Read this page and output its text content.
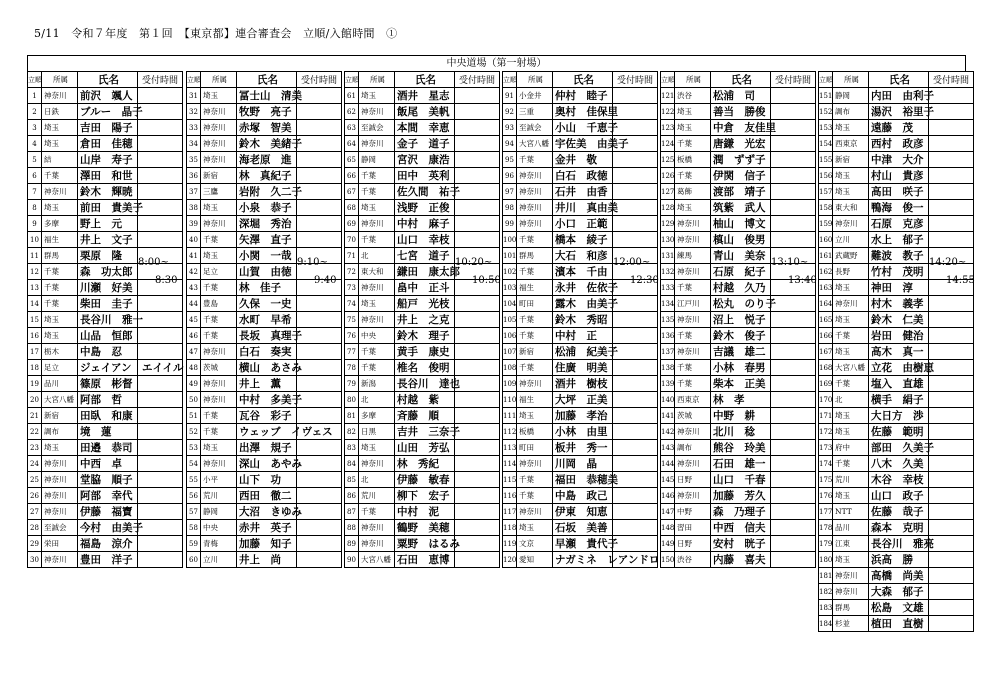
5/11　令和７年度　第１回　【東京都】連合審査会　立順/入館時間　①
中央道場（第一射場）
立順	所属	氏名	受付時間
1	神奈川	前沢　颯人	
2	日鉄	ブルー　晶子	
3	埼玉	吉田　陽子	
4	埼玉	倉田　佳穂	
5	結	山岸　寿子	
6	千葉	澤田　和世	
7	神奈川	鈴木　輝暁	
8	埼玉	前田　貴美子	
9	多摩	野上　元	
10	福生	井上　文子	
11	群馬	栗原　隆	
12	千葉	森　功太郎	
13	千葉	川瀬　好美	
14	千葉	柴田　圭子	
15	埼玉	長谷川　雅一	
16	埼玉	山品　恒郎	
17	栃木	中島　忍	
18	足立	ジェイアン　エイイル	
19	品川	篠原　彬督	
20	大宮八幡	阿部　哲	
21	新宿	田臥　和康	
22	調布	境　蓮	
23	埼玉	田邉　恭司	
24	神奈川	中西　卓	
25	神奈川	堂脇　順子	
26	神奈川	阿部　幸代	
27	神奈川	伊藤　福寶	
28	至誠会	今村　由美子	
29	栄田	福島　涼介	
30	神奈川	豊田　洋子	
8:00~
8:30
立順	所属	氏名	受付時間
31	埼玉	冨士山　清美	
32	神奈川	牧野　亮子	
33	神奈川	赤塚　智美	
34	神奈川	鈴木　美緒子	
35	神奈川	海老原　進	
36	新宿	林　真紀子	
37	三鷹	岩附　久二子	
38	埼玉	小泉　恭子	
39	神奈川	深堀　秀治	
40	千葉	矢澤　直子	
41	埼玉	小関　一哉	
42	足立	山賀　由徳	
43	千葉	林　佳子	
44	豊島	久保　一史	
45	千葉	水町　早希	
46	千葉	長坂　真理子	
47	神奈川	白石　奏実	
48	茨城	横山　あさみ	
49	神奈川	井上　薫	
50	神奈川	中村　多美子	
51	千葉	瓦谷　彩子	
52	千葉	ウェッブ　イヴェス	
53	埼玉	出澤　規子	
54	神奈川	深山　あやみ	
55	小平	山下　功	
56	荒川	西田　徹二	
57	静岡	大沼　きゆみ	
58	中央	赤井　英子	
59	青梅	加藤　知子	
60	立川	井上　尚	
9:10~
9:40
立順	所属	氏名	受付時間
61	埼玉	酒井　星志	
62	神奈川	飯尾　美帆	
63	至誠会	本間　幸恵	
64	神奈川	金子　道子	
65	静岡	宮沢　康浩	
66	千葉	田中　英利	
67	千葉	佐久間　祐子	
68	埼玉	浅野　正俊	
69	神奈川	中村　麻子	
70	千葉	山口　幸枝	
71	北	七宮　道子	
72	東大和	鎌田　康太郎	
73	神奈川	畠中　正斗	
74	埼玉	船戸　光枝	
75	神奈川	井上　之克	
76	中央	鈴木　理子	
77	千葉	黄手　康史	
78	千葉	椎名　俊明	
79	新潟	長谷川　達也	
80	北	村越　紫	
81	多摩	斉藤　順	
82	日黒	吉井　三奈子	
83	埼玉	山田　芳弘	
84	神奈川	林　秀紀	
85	北	伊藤　敏春	
86	荒川	柳下　宏子	
87	千葉	中村　泥	
88	神奈川	鶴野　美穂	
89	神奈川	粟野　はるみ	
90	大宮八幡	石田　恵博	
10:20~
10:50
立順	所属	氏名	受付時間
91	小金井	仲村　睦子	
92	三重	奥村　佳保里	
93	至誠会	小山　千恵子	
94	大宮八幡	宇佐美　由美子	
95	千葉	金井　敬	
96	神奈川	白石　政徳	
97	神奈川	石井　由香	
98	神奈川	井川　真由美	
99	神奈川	小口　正範	
100	千葉	橋本　綾子	
101	群馬	大石　和彦	
102	千葉	濱本　千由	
103	福生	永井　佐依子	
104	町田	露木　由美子	
105	千葉	鈴木　秀昭	
106	千葉	中村　正	
107	新宿	松浦　紀美子	
108	千葉	住廣　明美	
109	神奈川	酒井　樹枝	
110	福生	大坪　正美	
111	埼玉	加藤　孝治	
112	板橋	小林　由里	
113	町田	板井　秀一	
114	神奈川	川岡　晶	
115	千葉	福田　恭穂美	
116	千葉	中島　政己	
117	神奈川	伊東　知恵	
118	埼玉	石坂　美善	
119	文京	早瀬　貴代子	
120	愛知	ナガミネ　レアンドロ	
12:00~
12:30
立順	所属	氏名	受付時間
121	渋谷	松浦　司	
122	埼玉	善当　勝俊	
123	埼玉	中倉　友佳里	
124	千葉	唐鎌　光宏	
125	板橋	潤　ずず子	
126	千葉	伊関　信子	
127	葛飾	渡部　靖子	
128	埼玉	筑紫　武人	
129	神奈川	柚山　博文	
130	神奈川	槙山　俊男	
131	練馬	青山　美奈	
132	神奈川	石原　紀子	
133	千葉	村越　久乃	
134	江戸川	松丸　のり子	
135	神奈川	沼上　悦子	
136	千葉	鈴木　俊子	
137	神奈川	吉議　雄二	
138	千葉	小林　春男	
139	千葉	柴本　正美	
140	西東京	林　孝	
141	茨城	中野　耕	
142	神奈川	北川　稔	
143	調布	熊谷　玲美	
144	神奈川	石田　雄一	
145	日野	山口　千春	
146	神奈川	加藤　芳久	
147	中野	森　乃理子	
148	習田	中西　信夫	
149	日野	安村　晄子	
150	渋谷	内藤　喜夫	
13:10~
13:40
立順	所属	氏名	受付時間
151	静岡	内田　由利子	
152	調布	湯沢　裕里子	
153	埼玉	遠藤　茂	
154	西東京	西村　政彦	
155	新宿	中津　大介	
156	埼玉	村山　貴彦	
157	埼玉	高田　咲子	
158	東大和	鴨海　俊一	
159	神奈川	石原　克彦	
160	立川	水上　郁子	
161	武蔵野	難波　教子	
162	長野	竹村　茂明	
163	埼玉	神田　淳	
164	神奈川	村木　義孝	
165	埼玉	鈴木　仁美	
166	千葉	岩田　健治	
167	埼玉	高木　真一	
168	大宮八幡	立花　由樹恵	
169	千葉	塩入　直雄	
170	北	横手　絹子	
171	埼玉	大日方　渉	
172	埼玉	佐藤　範明	
173	府中	部田　久美子	
174	千葉	八木　久美	
175	荒川	木谷　幸枝	
176	埼玉	山口　政子	
177	NTT	佐藤　哉子	
178	品川	森本　克明	
179	江東	長谷川　雅亮	
180	埼玉	浜高　勝	
181	神奈川	高橋　尚美	
182	神奈川	大森　郁子	
183	群馬	松島　文雄	
184	杉並	植田　直樹	
14:20~
14:55
